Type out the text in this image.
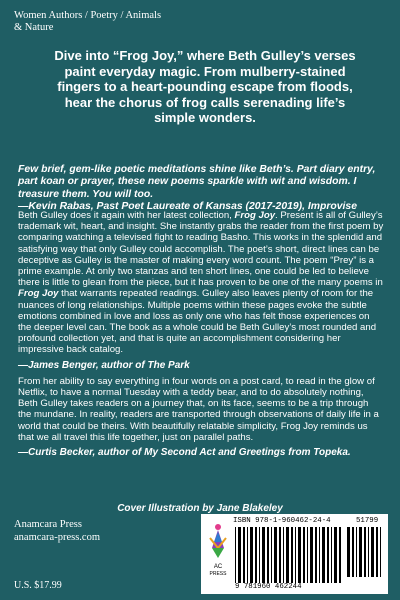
Women Authors / Poetry / Animals & Nature
Dive into “Frog Joy,” where Beth Gulley’s verses paint everyday magic. From mulberry-stained fingers to a heart-pounding escape from floods, hear the chorus of frog calls serenading life’s simple wonders.
Few brief, gem-like poetic meditations shine like Beth’s. Part diary entry, part koan or prayer, these new poems sparkle with wit and wisdom. I treasure them. You will too.
—Kevin Rabas, Past Poet Laureate of Kansas (2017-2019), Improvise

Beth Gulley does it again with her latest collection, Frog Joy. Present is all of Gulley’s trademark wit, heart, and insight. She instantly grabs the reader from the first poem by comparing watching a televised fight to reading Basho. This works in the splendid and satisfying way that only Gulley could accomplish. The poet’s short, direct lines can be deceptive as Gulley is the master of making every word count. The poem “Prey” is a prime example. At only two stanzas and ten short lines, one could be led to believe there is little to glean from the piece, but it has proven to be one of the many poems in Frog Joy that warrants repeated readings. Gulley also leaves plenty of room for the nuances of long relationships. Multiple poems within these pages evoke the subtle emotions combined in love and loss as only one who has felt those experiences on the deeper level can. The book as a whole could be Beth Gulley’s most rounded and profound collection yet, and that is quite an accomplishment considering her impressive back catalog.

—James Benger, author of The Park

From her ability to say everything in four words on a post card, to read in the glow of Netflix, to have a normal Tuesday with a teddy bear, and to do absolutely nothing, Beth Gulley takes readers on a journey that, on its face, seems to be a trip through the mundane. In reality, readers are transported through observations of daily life in a world that could be theirs. With beautifully relatable simplicity, Frog Joy reminds us that we all travel this life together, just on parallel paths.

—Curtis Becker, author of My Second Act and Greetings from Topeka.

Cover Illustration by Jane Blakeley
Anamcara Press
anamcara-press.com
U.S. $17.99
AC
PRESS
ISBN 978-1-960462-24-4	51799
9 781960 462244
